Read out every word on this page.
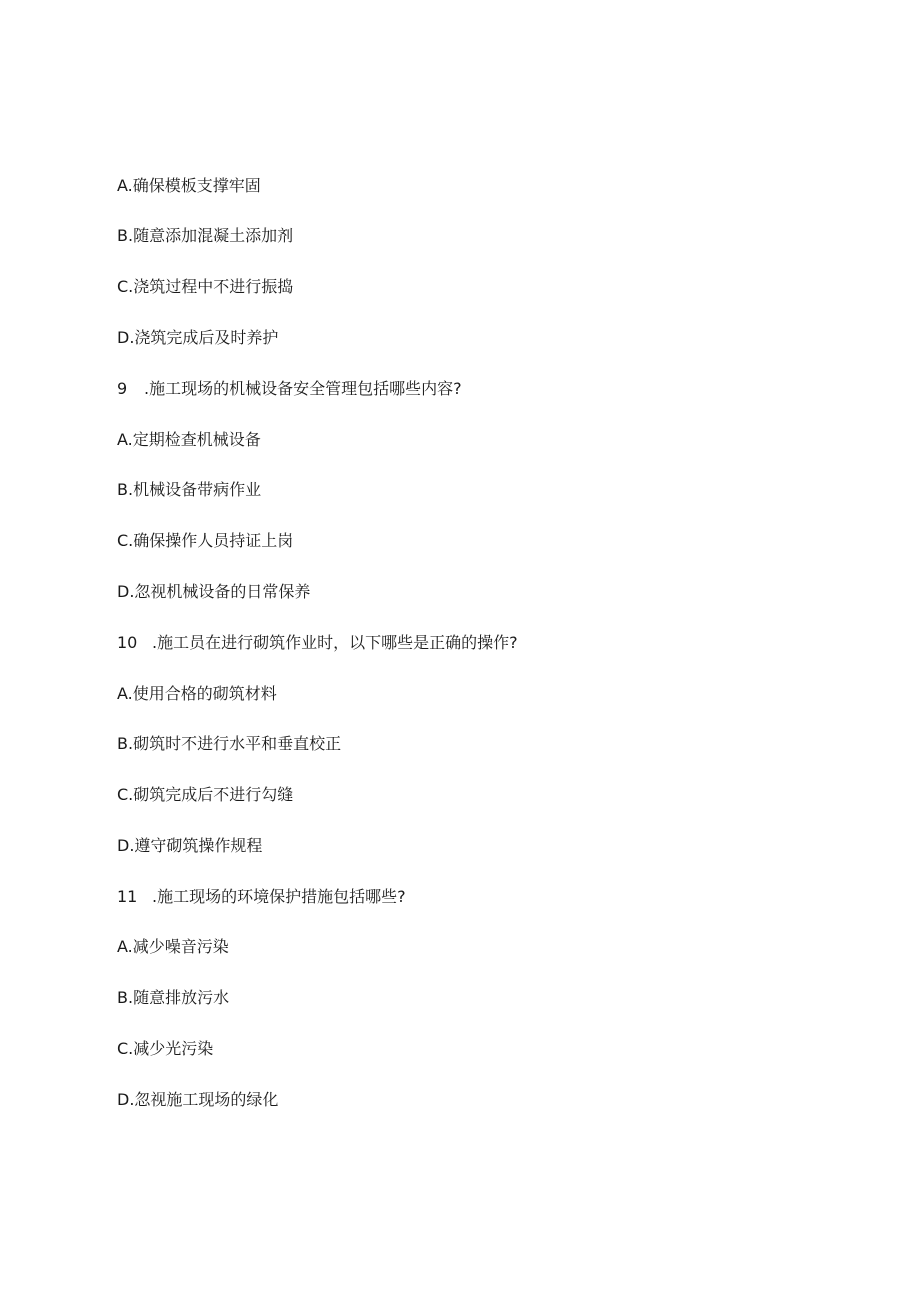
A.确保模板支撑牢固
B.随意添加混凝土添加剂
C.浇筑过程中不进行振捣
D.浇筑完成后及时养护
9 .施工现场的机械设备安全管理包括哪些内容?
A.定期检查机械设备
B.机械设备带病作业
C.确保操作人员持证上岗
D.忽视机械设备的日常保养
10 .施工员在进行砌筑作业时，以下哪些是正确的操作?
A.使用合格的砌筑材料
B.砌筑时不进行水平和垂直校正
C.砌筑完成后不进行勾缝
D.遵守砌筑操作规程
11 .施工现场的环境保护措施包括哪些?
A.减少噪音污染
B.随意排放污水
C.减少光污染
D.忽视施工现场的绿化
